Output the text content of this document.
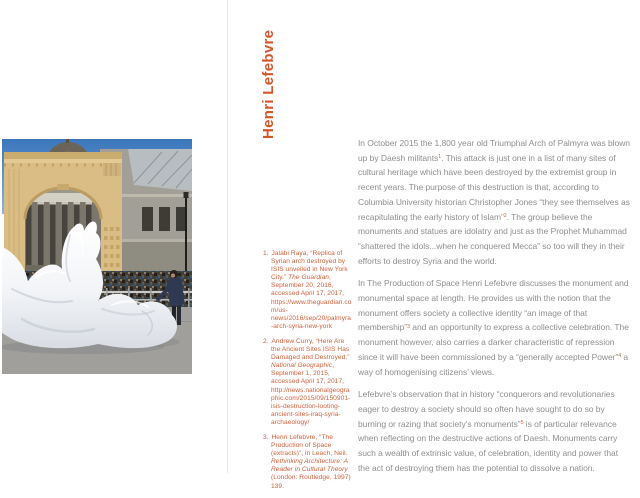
Henri Lefebvre
1. Jalabi Raya, “Replica of Syrian arch destroyed by ISIS unveiled in New York City.” The Guardian, September 20, 2016, accessed April 17, 2017, https://www.theguardian.com/us-news/2016/sep/20/palmyra-arch-syria-new-york
2. Andrew Curry, “Here Are the Ancient Sites ISIS Has Damaged and Destroyed.” National Geographic, September 1, 2015, accessed April 17, 2017, http://news.nationalgeographic.com/2015/09/150901-isis-destruction-looting-ancient-sites-iraq-syria-archaeology/
3. Henri Lefebvre, “The Production of Space (extracts)”, in Leach, Neil. Rethinking Architecture: A Reader in Cultural Theory (London: Routledge, 1997) 139.

In October 2015 the 1,800 year old Triumphal Arch of Palmyra was blown up by Daesh militants$^1$. This attack is just one in a list of many sites of cultural heritage which have been destroyed by the extremist group in recent years. The purpose of this destruction is that, according to Columbia University historian Christopher Jones “they see themselves as recapitulating the early history of Islam”$^2$. The group believe the monuments and statues are idolatry and just as the Prophet Muhammad “shattered the idols...when he conquered Mecca” so too will they in their efforts to destroy Syria and the world.

In The Production of Space Henri Lefebvre discusses the monument and monumental space at length. He provides us with the notion that the monument offers society a collective identity “an image of that membership”$^3$ and an opportunity to express a collective celebration. The monument however, also carries a darker characteristic of repression since it will have been commissioned by a “generally accepted Power”$^4$ a way of homogenising citizens’ views.

Lefebvre’s observation that in history “conquerors and revolutionaries eager to destroy a society should so often have sought to do so by burning or razing that society’s monuments”$^5$ is of particular relevance when reflecting on the destructive actions of Daesh. Monuments carry such a wealth of extrinsic value, of celebration, identity and power that the act of destroying them has the potential to dissolve a nation.
